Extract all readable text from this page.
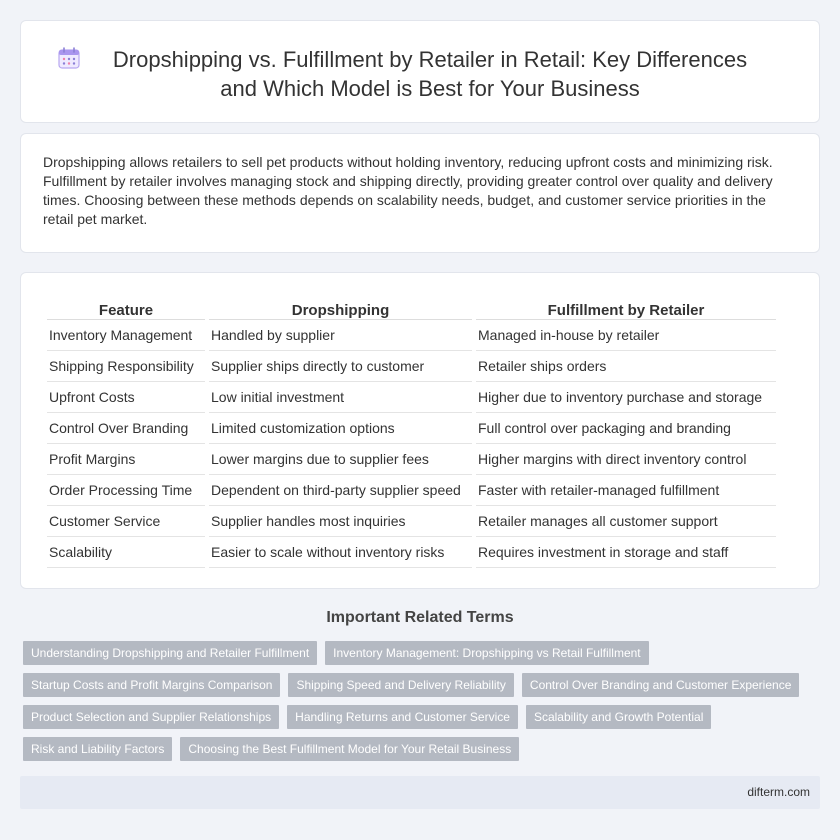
Dropshipping vs. Fulfillment by Retailer in Retail: Key Differences and Which Model is Best for Your Business

Dropshipping allows retailers to sell pet products without holding inventory, reducing upfront costs and minimizing risk. Fulfillment by retailer involves managing stock and shipping directly, providing greater control over quality and delivery times. Choosing between these methods depends on scalability needs, budget, and customer service priorities in the retail pet market.

Feature	Dropshipping	Fulfillment by Retailer
Inventory Management	Handled by supplier	Managed in-house by retailer
Shipping Responsibility	Supplier ships directly to customer	Retailer ships orders
Upfront Costs	Low initial investment	Higher due to inventory purchase and storage
Control Over Branding	Limited customization options	Full control over packaging and branding
Profit Margins	Lower margins due to supplier fees	Higher margins with direct inventory control
Order Processing Time	Dependent on third-party supplier speed	Faster with retailer-managed fulfillment
Customer Service	Supplier handles most inquiries	Retailer manages all customer support
Scalability	Easier to scale without inventory risks	Requires investment in storage and staff
Important Related Terms
Understanding Dropshipping and Retailer Fulfillment	Inventory Management: Dropshipping vs Retail Fulfillment
Startup Costs and Profit Margins Comparison	Shipping Speed and Delivery Reliability	Control Over Branding and Customer Experience
Product Selection and Supplier Relationships	Handling Returns and Customer Service	Scalability and Growth Potential
Risk and Liability Factors	Choosing the Best Fulfillment Model for Your Retail Business
difterm.com
